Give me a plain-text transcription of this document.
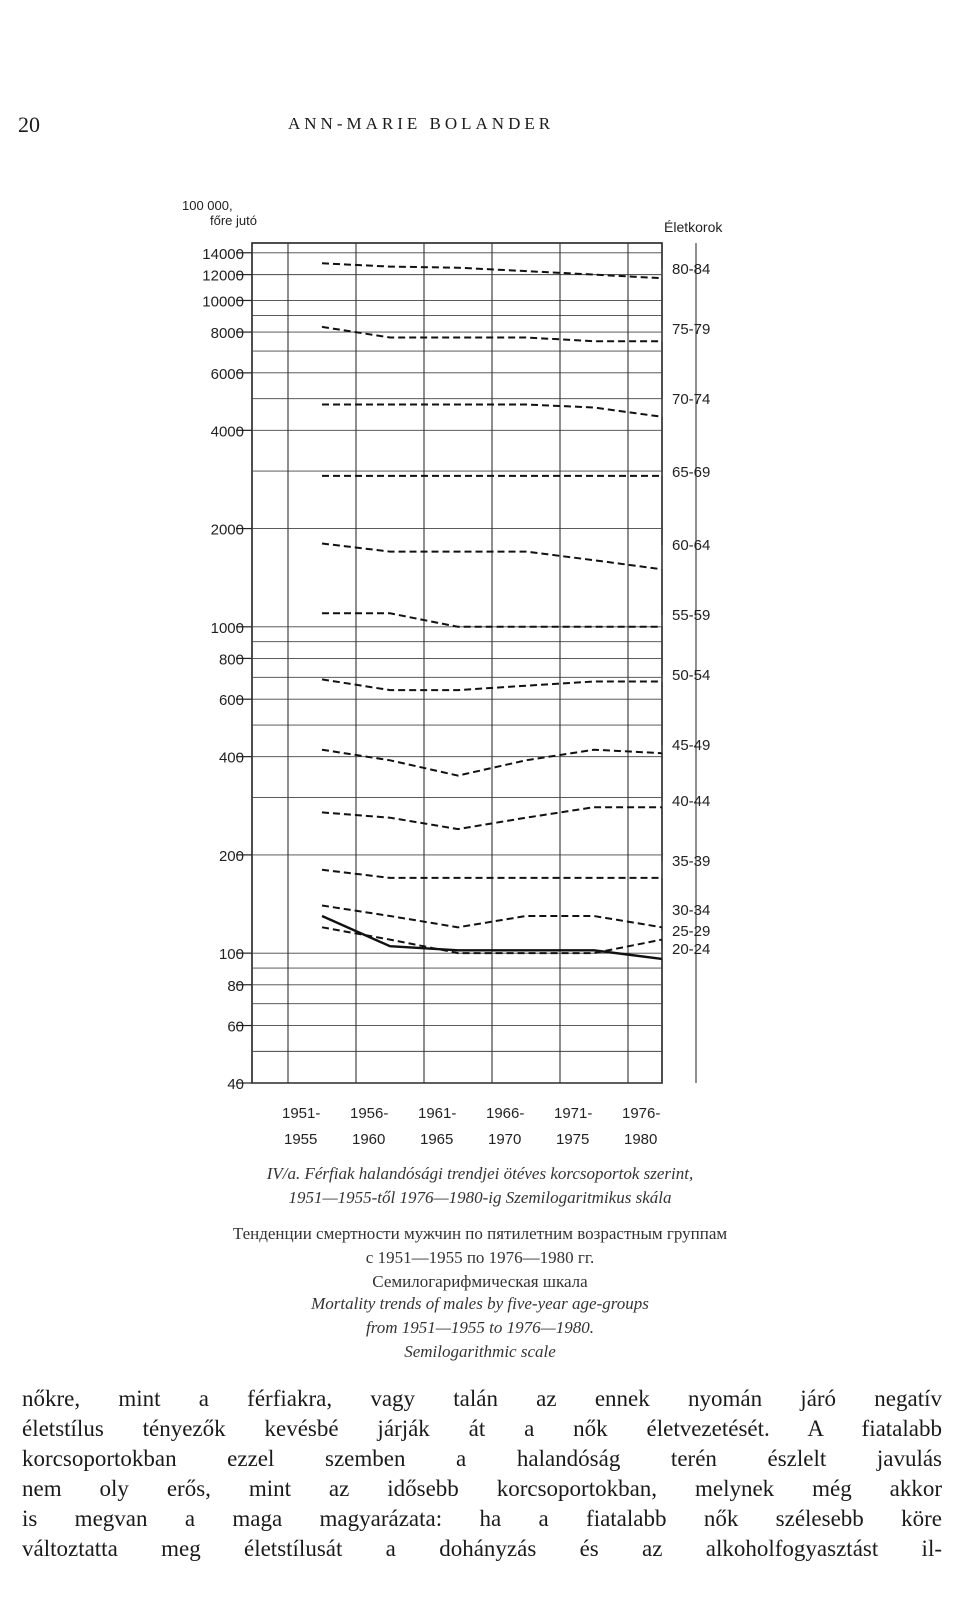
20	ANN-MARIE BOLANDER
14000
12000
10000
8000
6000
4000
2000
1000
800
600
400
200
100
80
60
40
100 000,
főre jutó	Életkorok
1951-
1955
1956-
1960
1961-
1965
1966-
1970
1971-
1975
1976-
1980
80-84
75-79
70-74
65-69
60-64
55-59
50-54
45-49
40-44
35-39
30-34
25-29
20-24
IV/a. Férfiak halandósági trendjei ötéves korcsoportok szerint,
1951—1955-től 1976—1980-ig Szemilogaritmikus skála
Тенденции смертности мужчин по пятилетним возрастным группам
с 1951—1955 по 1976—1980 гг.
Семилогарифмическая шкала
Mortality trends of males by five-year age-groups
from 1951—1955 to 1976—1980.
Semilogarithmic scale
nőkre, mint a férfiakra, vagy talán az ennek nyomán járó negatív
életstílus tényezők kevésbé járják át a nők életvezetését. A fiatalabb
korcsoportokban ezzel szemben a halandóság terén észlelt javulás
nem oly erős, mint az idősebb korcsoportokban, melynek még akkor
is megvan a maga magyarázata: ha a fiatalabb nők szélesebb köre
változtatta meg életstílusát a dohányzás és az alkoholfogyasztást il-
